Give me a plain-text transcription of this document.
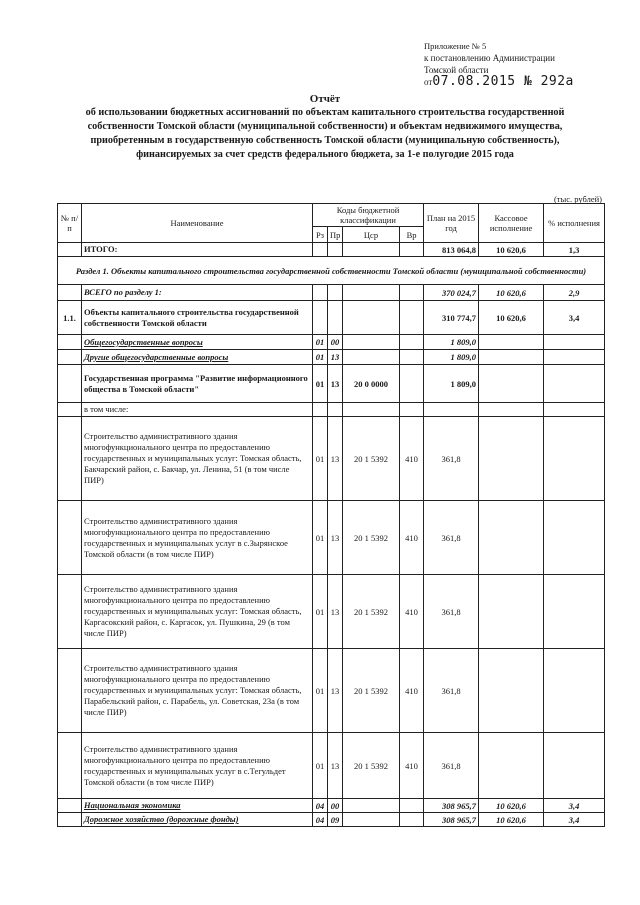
Приложение № 5
к постановлению Администрации
Томской области
от07.08.2015 № 292а
Отчёт
об использовании бюджетных ассигнований по объектам капитального строительства государственной собственности Томской области (муниципальной собственности) и объектам недвижимого имущества, приобретенным в государственную собственность Томской области (муниципальную собственность), финансируемых за счет средств федерального бюджета, за 1-е полугодие 2015 года
(тыс. рублей)
№ п/п	Наименование	Коды бюджетной классификации				План на 2015 год	Кассовое исполнение	% исполнения
		Рз	Пр	Цср	Вр			
	ИТОГО:					813 064,8	10 620,6	1,3
Раздел 1. Объекты капитального строительства государственной собственности Томской области (муниципальной собственности)								
	ВСЕГО по разделу 1:					370 024,7	10 620,6	2,9
1.1.	Объекты капитального строительства государственной собственности Томской области					310 774,7	10 620,6	3,4
	Общегосударственные вопросы	01	00			1 809,0		
	Другие общегосударственные вопросы	01	13			1 809,0		
	Государственная программа "Развитие информационного общества в Томской области"	01	13	20 0 0000		1 809,0		
	в том числе:							
	Строительство административного здания многофункционального центра по предоставлению государственных и муниципальных услуг: Томская область, Бакчарский район, с. Бакчар, ул. Ленина, 51 (в том числе ПИР)	01	13	20 1 5392	410	361,8		
	Строительство административного здания многофункционального центра по предоставлению государственных и муниципальных услуг в с.Зырянское Томской области (в том числе ПИР)	01	13	20 1 5392	410	361,8		
	Строительство административного здания многофункционального центра по предоставлению государственных и муниципальных услуг: Томская область, Каргасокский район, с. Каргасок, ул. Пушкина, 29 (в том числе ПИР)	01	13	20 1 5392	410	361,8		
	Строительство административного здания многофункционального центра по предоставлению государственных и муниципальных услуг: Томская область, Парабельский район, с. Парабель, ул. Советская, 23а (в том числе ПИР)	01	13	20 1 5392	410	361,8		
	Строительство административного здания многофункционального центра по предоставлению государственных и муниципальных услуг в с.Тегульдет Томской области (в том числе ПИР)	01	13	20 1 5392	410	361,8		
	Национальная экономика	04	00			308 965,7	10 620,6	3,4
	Дорожное хозяйство (дорожные фонды)	04	09			308 965,7	10 620,6	3,4
